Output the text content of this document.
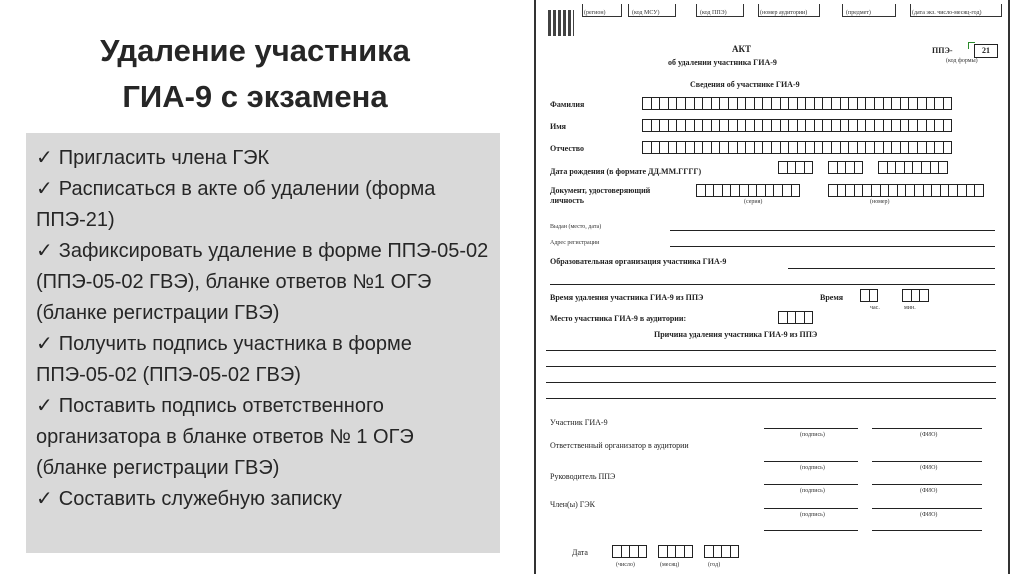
Удаление участника
ГИА-9 с экзамена
✓ Пригласить члена ГЭК
✓ Расписаться в акте об удалении (форма ППЭ-21)
✓ Зафиксировать удаление в форме ППЭ-05-02 (ППЭ-05-02 ГВЭ), бланке ответов №1 ОГЭ (бланке регистрации ГВЭ)
✓ Получить подпись участника в форме ППЭ-05-02 (ППЭ-05-02 ГВЭ)
✓ Поставить подпись ответственного организатора в бланке ответов № 1 ОГЭ (бланке регистрации ГВЭ)
✓ Составить служебную записку
(регион)	(код МСУ)	(код ППЭ)	(номер аудитории)	(предмет)	(дата экз. число-месяц-год)
АКТ
об удалении участника ГИА-9
ППЭ-	21
(код формы)
Сведения об участнике ГИА-9
Фамилия
Имя
Отчество
Дата рождения (в формате ДД.ММ.ГГГГ)
Документ, удостоверяющий личность	(серия)	(номер)
Выдан (место, дата)
Адрес регистрации
Образовательная организация участника ГИА-9
Время удаления участника ГИА-9 из ППЭ	Время
час.	мин.
Место участника ГИА-9 в аудитории:
Причина удаления участника ГИА-9 из ППЭ
Участник ГИА-9
(подпись)	(ФИО)
Ответственный организатор в аудитории
(подпись)	(ФИО)
Руководитель ППЭ
(подпись)	(ФИО)
Член(ы) ГЭК
(подпись)	(ФИО)
Дата
(число)	(месяц)	(год)
